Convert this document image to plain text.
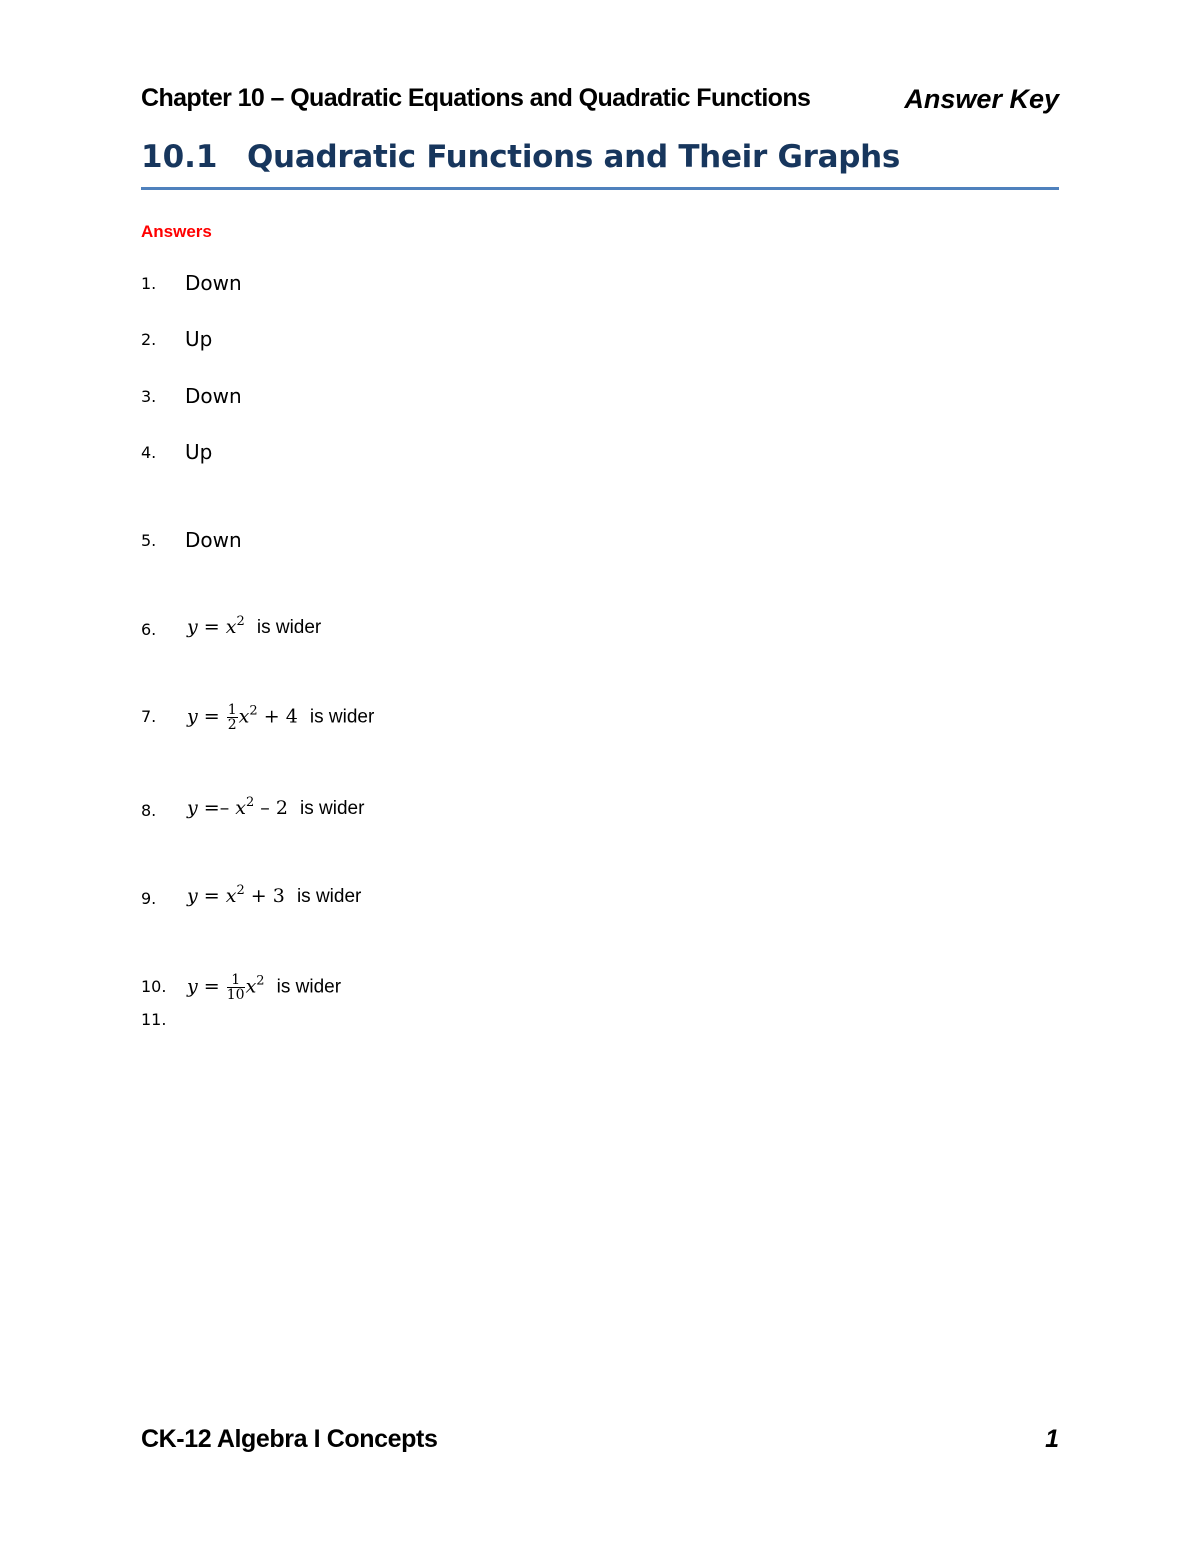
Chapter 10 – Quadratic Equations and Quadratic Functions	Answer Key
10.1 Quadratic Functions and Their Graphs
Answers
1. Down
2. Up
3. Down
4. Up
5. Down
6. $y = x^2$ is wider
7. $y = \frac{1}{2} x^2 + 4$ is wider
8. $y =- x^2 - 2$ is wider
9. $y = x^2 + 3$ is wider
10. $y = \frac{1}{10} x^2$ is wider
11.
CK-12 Algebra I Concepts	1
